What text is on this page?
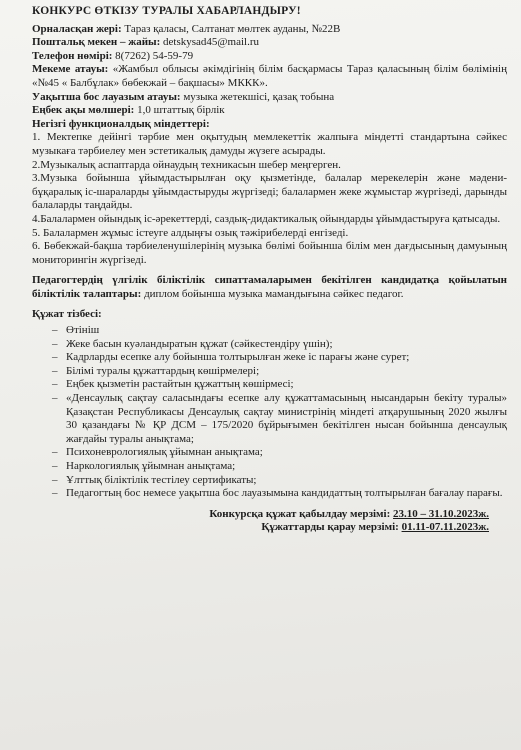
КОНКУРС ӨТКІЗУ ТУРАЛЫ ХАБАРЛАНДЫРУ!

Орналасқан жері: Тараз қаласы, Салтанат мөлтек ауданы, №22В

Поштальқ мекен – жайы: detskysad45@mail.ru

Телефон нөмірі: 8(7262) 54-59-79

Мекеме атауы: «Жамбыл облысы әкімдігінің білім басқармасы Тараз қаласының білім бөлімінің «№45 « Балбұлак» бөбекжай – бақшасы» МККК».

Уақытша бос лауазым атауы: музыка жетекшісі, қазақ тобына

Еңбек ақы мөлшері: 1,0 штаттық бірлік

Негізгі функционалдық міндеттері:

1. Мектепке дейінгі тәрбие мен оқытудың мемлекеттік жалпыға міндетті стандартына сәйкес музыкаға тәрбиелеу мен эстетикалық дамуды жүзеге асырады.

2.Музыкалық аспаптарда ойнаудың техникасын шебер меңгерген.

3.Музыка бойынша ұйымдастырылған оқу қызметінде, балалар мерекелерін және мәдени- бұқаралық іс-шараларды ұйымдастыруды жүргізеді; балалармен жеке жұмыстар жүргізеді, дарынды балаларды таңдайды.

4.Балалармен ойындық іс-әрекеттерді, саздық-дидактикалық ойындарды ұйымдастыруға қатысады.

5. Балалармен жұмыс істеуге алдыңғы озық тәжірибелерді енгізеді.

6. Бөбекжай-бақша тәрбиеленушілерінің музыка бөлімі бойынша білім мен дағдысының дамуының мониторингін жүргізеді.

Педагогтердің үлгілік біліктілік сипаттамаларымен бекітілген кандидатқа қойылатын біліктілік талаптары: диплом бойынша музыка мамандығына сәйкес педагог.

Құжат тізбесі:

– Өтініш
– Жеке басын куәландыратын құжат (сәйкестендіру үшін);
– Кадрларды есепке алу бойынша толтырылған жеке іс парағы және сурет;
– Білімі туралы құжаттардың көшірмелері;
– Еңбек қызметін растайтын құжаттың көшірмесі;
– «Денсаулық сақтау саласындағы есепке алу құжаттамасының нысандарын бекіту туралы» Қазақстан Республикасы Денсаулық сақтау министрінің міндеті атқарушының 2020 жылғы 30 қазандағы № ҚР ДСМ – 175/2020 бұйрығымен бекітілген нысан бойынша денсаулық жағдайы туралы анықтама;
– Психоневрологиялық ұйымнан анықтама;
– Наркологиялық ұйымнан анықтама;
– Ұлттық біліктілік тестілеу сертификаты;
– Педагогтың бос немесе уақытша бос лауазымына кандидаттың толтырылған бағалау парағы.

Конкурсқа құжат қабылдау мерзімі: 23.10 – 31.10.2023ж.

Құжаттарды қарау мерзімі: 01.11-07.11.2023ж.
